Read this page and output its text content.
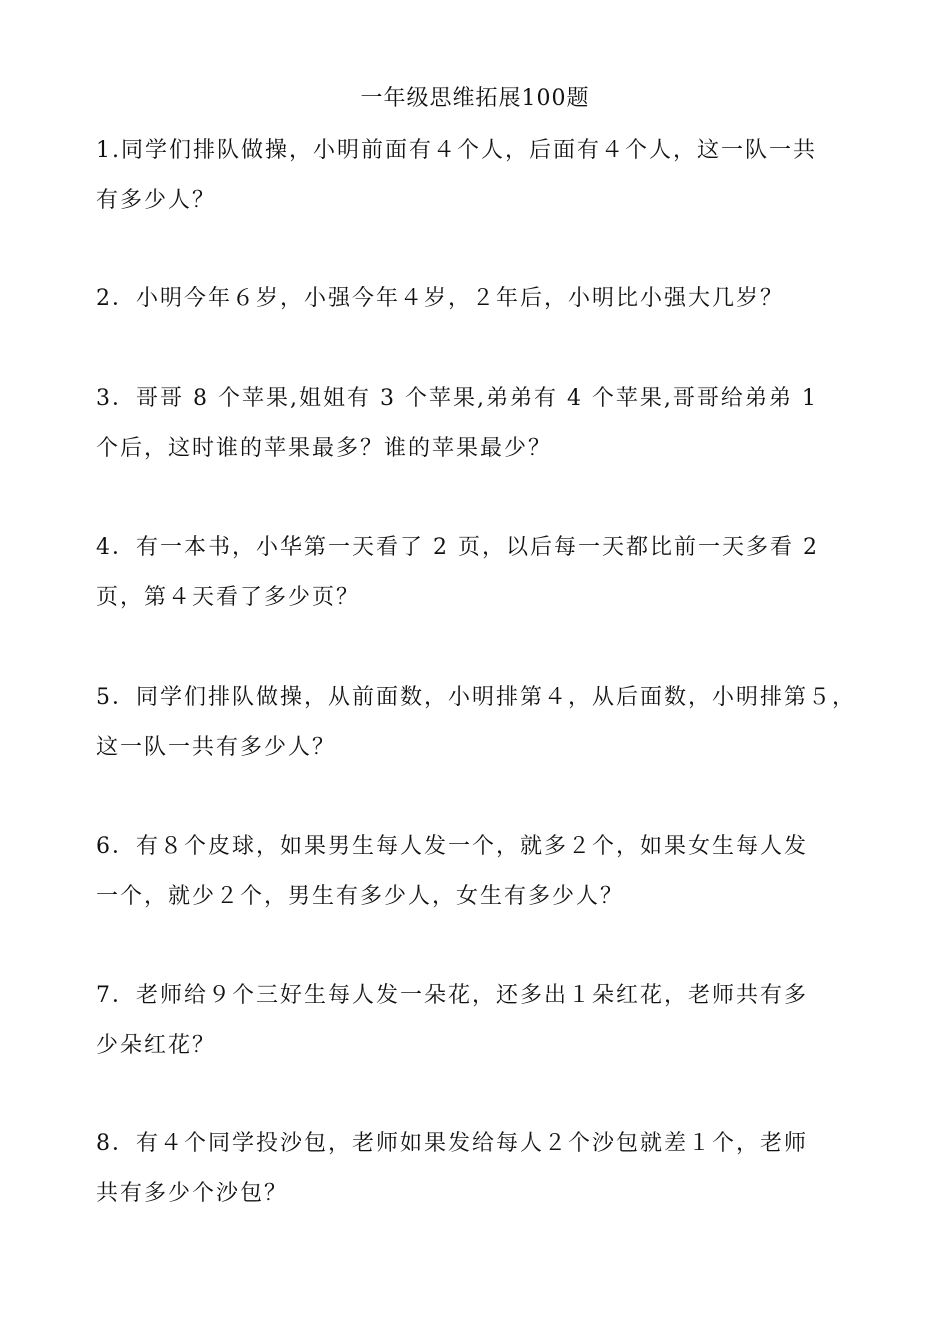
一年级思维拓展100题
1.同学们排队做操，小明前面有４个人，后面有４个人，这一队一共
有多少人？
2．小明今年６岁，小强今年４岁，２年后，小明比小强大几岁？
3．哥哥 8 个苹果,姐姐有 3 个苹果,弟弟有 4 个苹果,哥哥给弟弟 1
个后，这时谁的苹果最多？谁的苹果最少？
4．有一本书，小华第一天看了 2 页，以后每一天都比前一天多看 2
页，第４天看了多少页？
5．同学们排队做操，从前面数，小明排第４，从后面数，小明排第５，
这一队一共有多少人？
6．有８个皮球，如果男生每人发一个，就多２个，如果女生每人发
一个，就少２个，男生有多少人，女生有多少人？
7．老师给９个三好生每人发一朵花，还多出１朵红花，老师共有多
少朵红花？
8．有４个同学投沙包，老师如果发给每人２个沙包就差１个，老师
共有多少个沙包？
